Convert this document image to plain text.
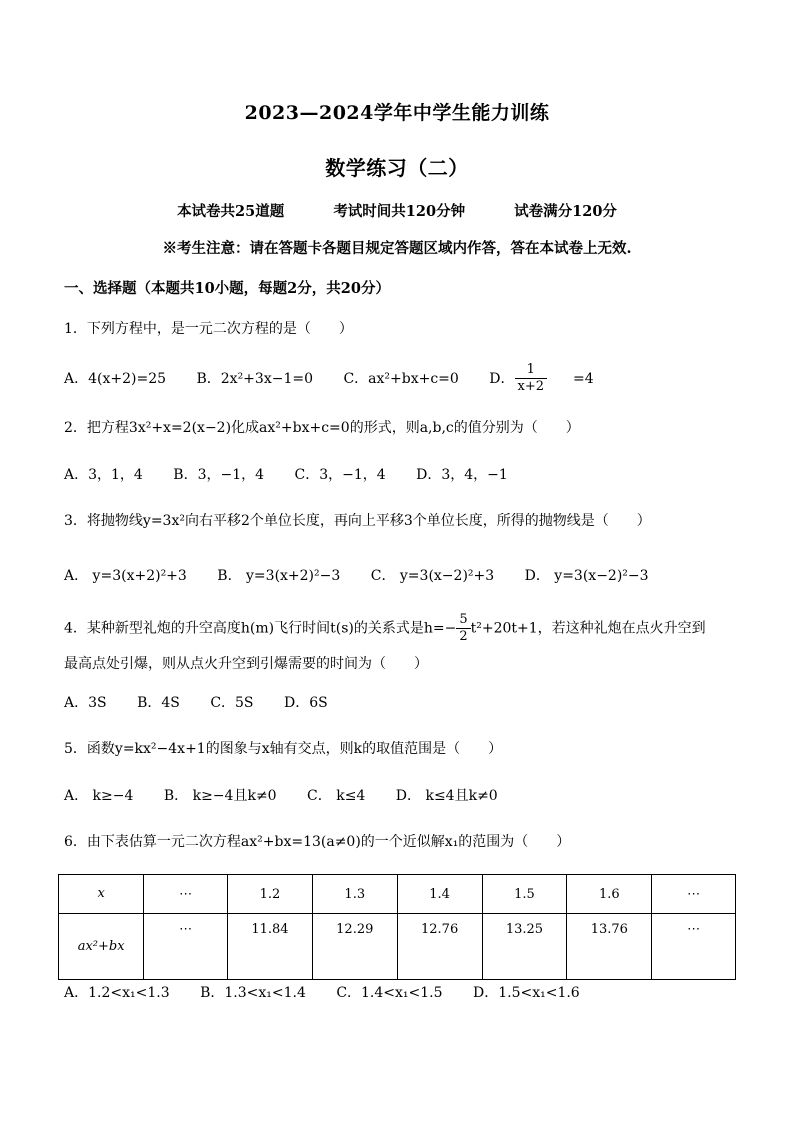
2023—2024学年中学生能力训练
数学练习（二）
本试卷共25道题	考试时间共120分钟	试卷满分120分
※考生注意：请在答题卡各题目规定答题区域内作答，答在本试卷上无效.
一、选择题（本题共10小题，每题2分，共20分）
1．下列方程中，是一元二次方程的是（　　）
A．4(x+2)=25 B．2x²+3x−1=0 C．ax²+bx+c=0 D． $\frac{1}{x+2} =4$
2．把方程3x²+x=2(x−2)化成ax²+bx+c=0的形式，则a,b,c的值分别为（　　）
A．3，1，4 B．3，−1，4 C．3，−1，4 D．3，4，−1
3．将抛物线y=3x²向右平移2个单位长度，再向上平移3个单位长度，所得的抛物线是（　　）
A． y=3(x+2)²+3 B． y=3(x+2)²−3 C． y=3(x−2)²+3 D． y=3(x−2)²−3
4．某种新型礼炮的升空高度h(m)飞行时间t(s)的关系式是$h=- \frac{5}{2} t^2+20t+1$，若这种礼炮在点火升空到
最高点处引爆，则从点火升空到引爆需要的时间为（　　）
A．3S B．4S C．5S D．6S
5．函数y=kx²−4x+1的图象与x轴有交点，则k的取值范围是（　　）
A． k≥−4 B． k≥−4且k≠0 C． k≤4 D． k≤4且k≠0
6．由下表估算一元二次方程ax²+bx=13(a≠0)的一个近似解x₁的范围为（　　）
x	⋯	1.2	1.3	1.4	1.5	1.6	⋯
ax²+bx	⋯	11.84	12.29	12.76	13.25	13.76	⋯
A．1.2<x₁<1.3 B．1.3<x₁<1.4 C．1.4<x₁<1.5 D．1.5<x₁<1.6
